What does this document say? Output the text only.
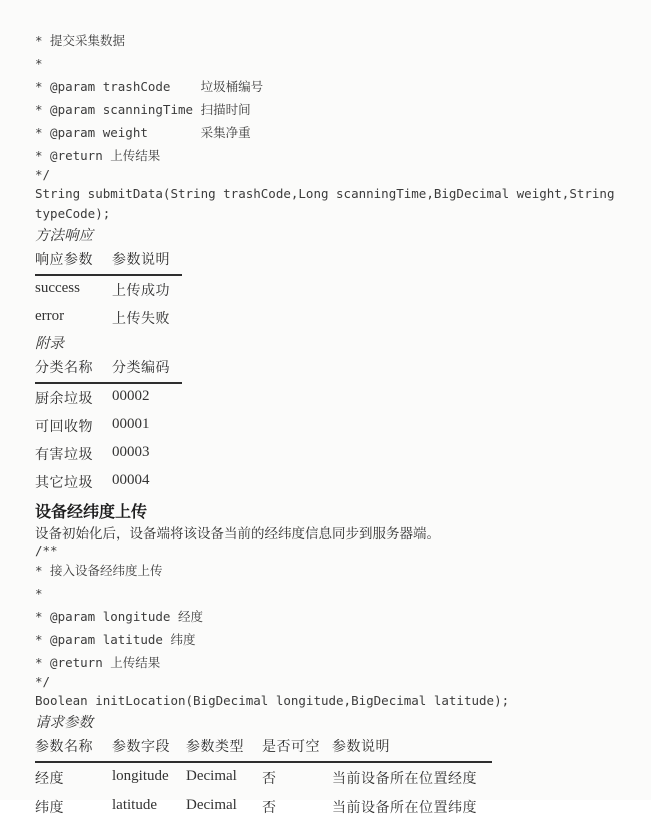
* 提交采集数据
*
* @param trashCode    垃圾桶编号
* @param scanningTime 扫描时间
* @param weight       采集净重
* @return 上传结果
*/
String submitData(String trashCode,Long scanningTime,BigDecimal weight,String typeCode);
方法响应
响应参数	参数说明
success	上传成功
error	上传失败
附录
分类名称	分类编码
厨余垃圾	00002
可回收物	00001
有害垃圾	00003
其它垃圾	00004
设备经纬度上传

设备初始化后，设备端将该设备当前的经纬度信息同步到服务器端。

/**
* 接入设备经纬度上传
*
* @param longitude 经度
* @param latitude 纬度
* @return 上传结果
*/
Boolean initLocation(BigDecimal longitude,BigDecimal latitude);
请求参数
参数名称	参数字段	参数类型	是否可空	参数说明
经度	longitude	Decimal	否	当前设备所在位置经度
纬度	latitude	Decimal	否	当前设备所在位置纬度
